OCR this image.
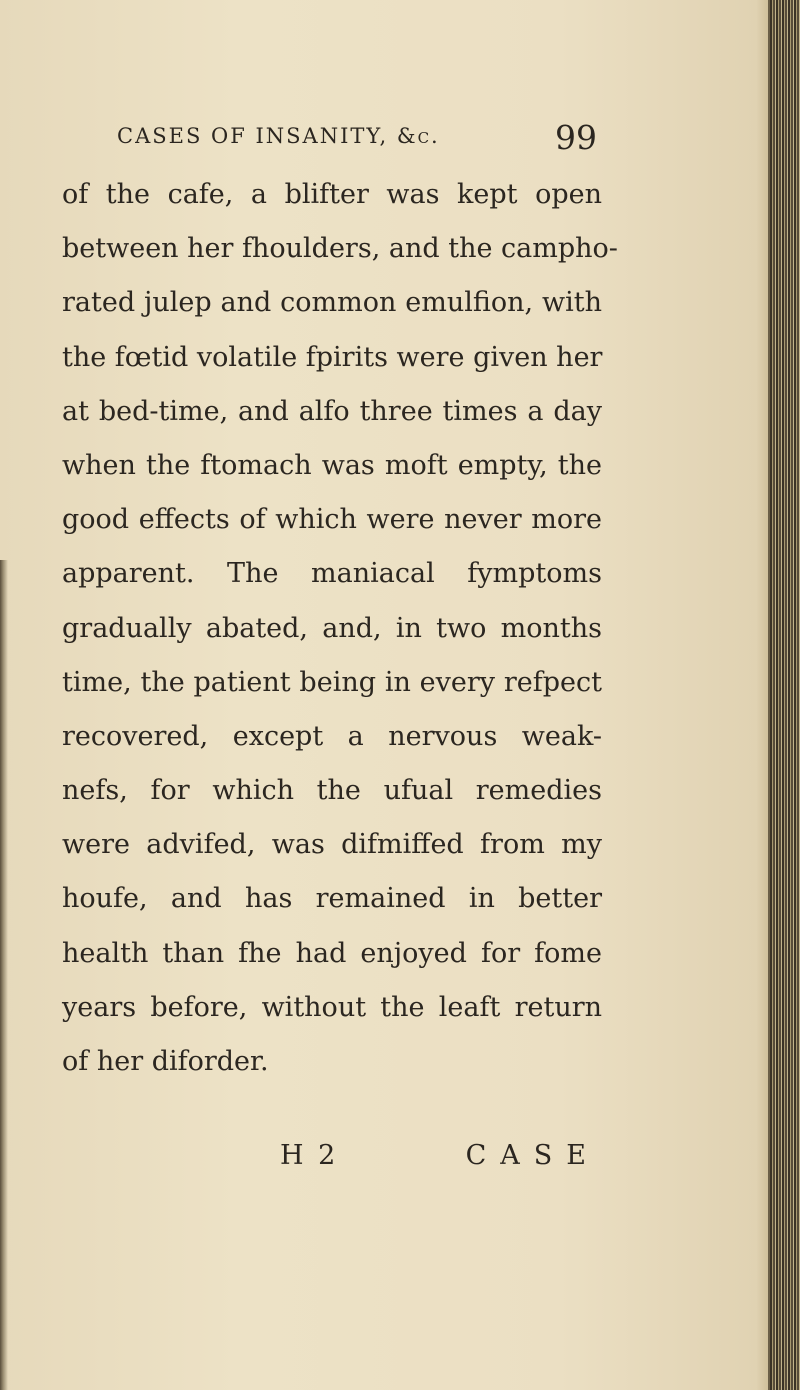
CASES OF INSANITY, &c.	99
of the cafe, a blifter was kept open
between her fhoulders, and the campho-
rated julep and common emulfion, with
the fœtid volatile fpirits were given her
at bed-time, and alfo three times a day
when the ftomach was moft empty, the
good effects of which were never more
apparent. The maniacal fymptoms
gradually abated, and, in two months
time, the patient being in every refpect
recovered, except a nervous weak-
nefs, for which the ufual remedies
were advifed, was difmiffed from my
houfe, and has remained in better
health than fhe had enjoyed for fome
years before, without the leaft return
of her diforder.
H 2	CASE
